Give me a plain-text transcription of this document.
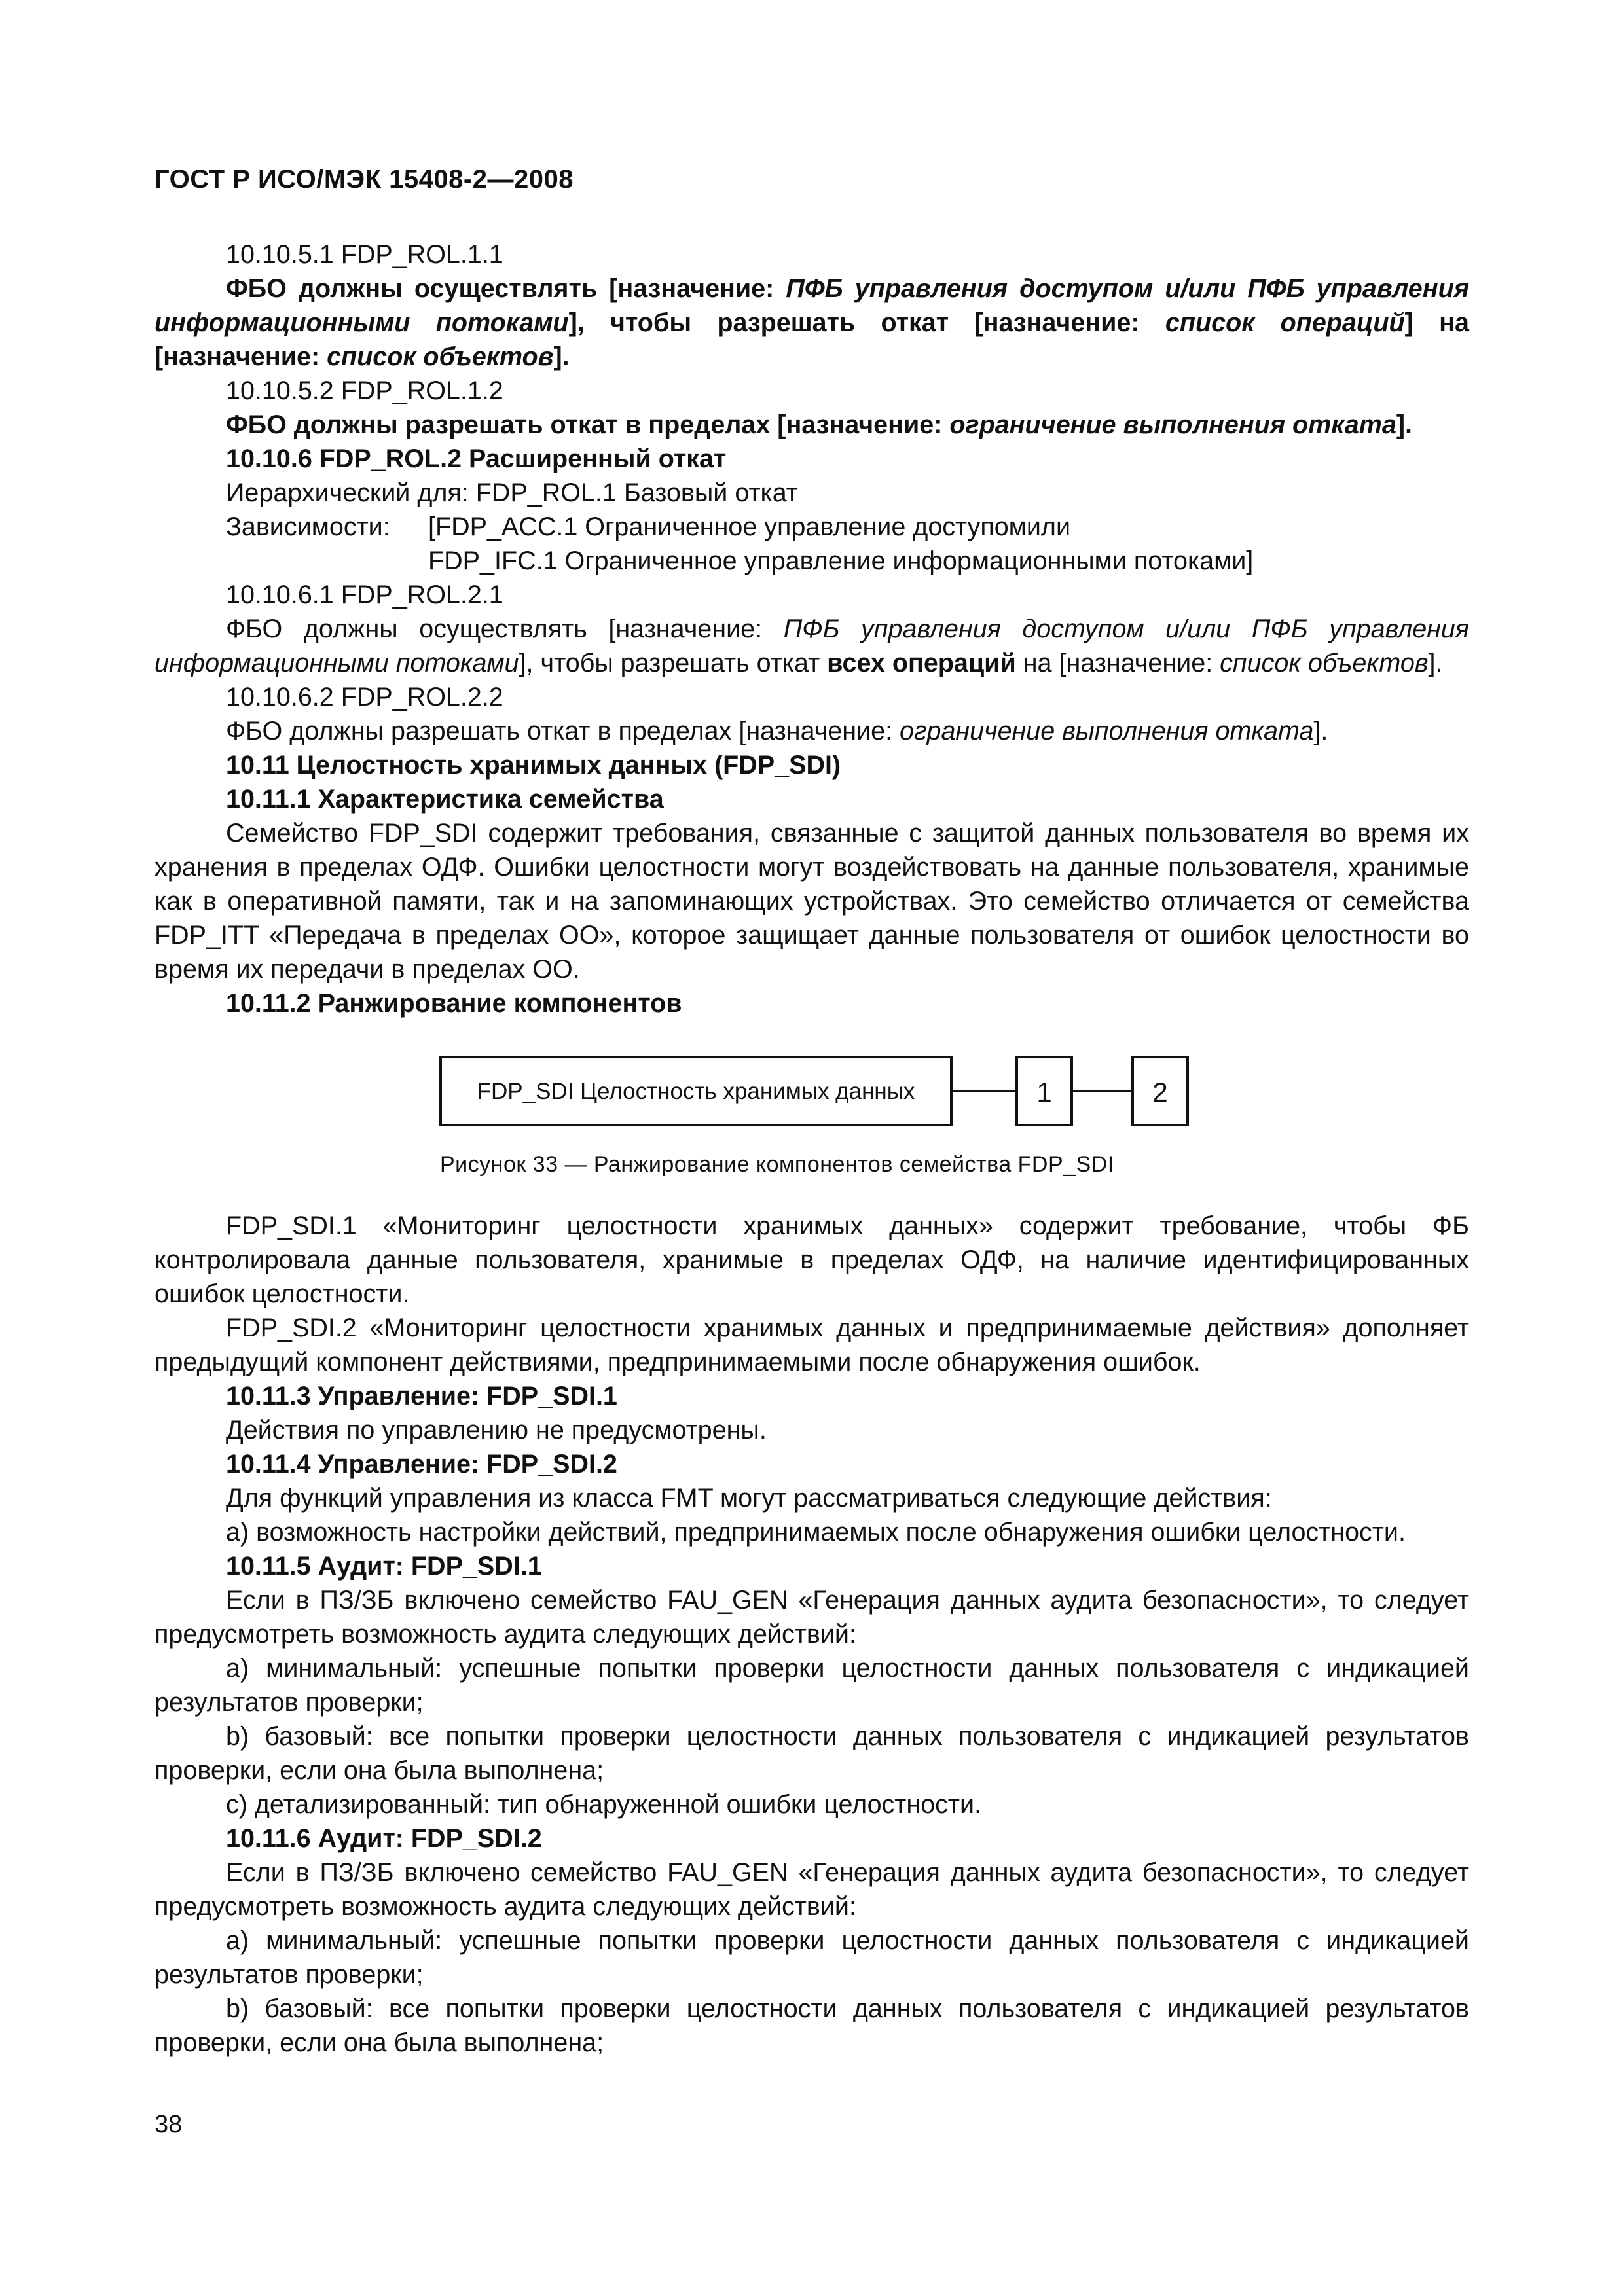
ГОСТ Р ИСО/МЭК 15408-2—2008

10.10.5.1 FDP_ROL.1.1

ФБО должны осуществлять [назначение: ПФБ управления доступом и/или ПФБ управления информационными потоками], чтобы разрешать откат [назначение: список операций] на [назначение: список объектов].

10.10.5.2 FDP_ROL.1.2

ФБО должны разрешать откат в пределах [назначение: ограничение выполнения отката].

10.10.6 FDP_ROL.2 Расширенный откат

Иерархический для: FDP_ROL.1 Базовый откат

Зависимости:	[FDP_ACC.1 Ограниченное управление доступомили
FDP_IFC.1 Ограниченное управление информационными потоками]

10.10.6.1 FDP_ROL.2.1

ФБО должны осуществлять [назначение: ПФБ управления доступом и/или ПФБ управления информационными потоками], чтобы разрешать откат всех операций на [назначение: список объектов].

10.10.6.2 FDP_ROL.2.2

ФБО должны разрешать откат в пределах [назначение: ограничение выполнения отката].

10.11 Целостность хранимых данных (FDP_SDI)

10.11.1 Характеристика семейства

Семейство FDP_SDI содержит требования, связанные с защитой данных пользователя во время их хранения в пределах ОДФ. Ошибки целостности могут воздействовать на данные пользователя, хранимые как в оперативной памяти, так и на запоминающих устройствах. Это семейство отличается от семейства FDP_ITT «Передача в пределах ОО», которое защищает данные пользователя от ошибок целостности во время их передачи в пределах ОО.

10.11.2 Ранжирование компонентов

FDP_SDI Целостность хранимых данных	1	2
Рисунок 33 — Ранжирование компонентов семейства FDP_SDI

FDP_SDI.1 «Мониторинг целостности хранимых данных» содержит требование, чтобы ФБ контролировала данные пользователя, хранимые в пределах ОДФ, на наличие идентифицированных ошибок целостности.

FDP_SDI.2 «Мониторинг целостности хранимых данных и предпринимаемые действия» дополняет предыдущий компонент действиями, предпринимаемыми после обнаружения ошибок.

10.11.3 Управление: FDP_SDI.1

Действия по управлению не предусмотрены.

10.11.4 Управление: FDP_SDI.2

Для функций управления из класса FMT могут рассматриваться следующие действия:

a) возможность настройки действий, предпринимаемых после обнаружения ошибки целостности.

10.11.5 Аудит: FDP_SDI.1

Если в ПЗ/ЗБ включено семейство FAU_GEN «Генерация данных аудита безопасности», то следует предусмотреть возможность аудита следующих действий:

a) минимальный: успешные попытки проверки целостности данных пользователя с индикацией результатов проверки;

b) базовый: все попытки проверки целостности данных пользователя с индикацией результатов проверки, если она была выполнена;

c) детализированный: тип обнаруженной ошибки целостности.

10.11.6 Аудит: FDP_SDI.2

Если в ПЗ/ЗБ включено семейство FAU_GEN «Генерация данных аудита безопасности», то следует предусмотреть возможность аудита следующих действий:

a) минимальный: успешные попытки проверки целостности данных пользователя с индикацией результатов проверки;

b) базовый: все попытки проверки целостности данных пользователя с индикацией результатов проверки, если она была выполнена;

38
